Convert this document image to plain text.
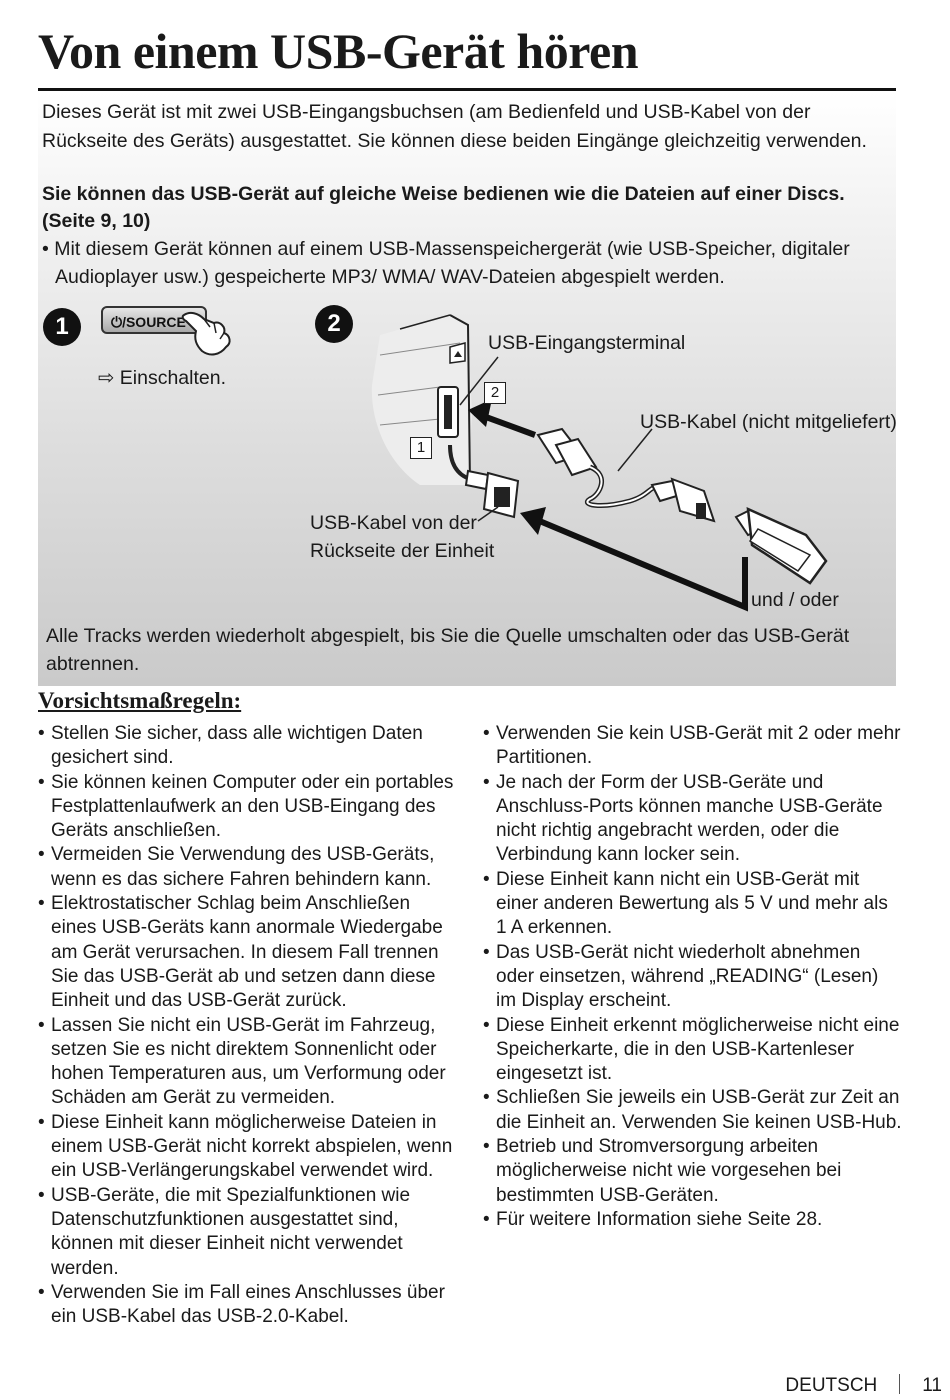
Von einem USB-Gerät hören

Dieses Gerät ist mit zwei USB-Eingangsbuchsen (am Bedienfeld und USB-Kabel von der Rückseite des Geräts) ausgestattet. Sie können diese beiden Eingänge gleichzeitig verwenden.

Sie können das USB-Gerät auf gleiche Weise bedienen wie die Dateien auf einer Discs. (Seite 9, 10)

• Mit diesem Gerät können auf einem USB-Massenspeichergerät (wie USB-Speicher, digitaler Audioplayer usw.) gespeicherte MP3/ WMA/ WAV-Dateien abgespielt werden.

1	⏻/SOURCE
⇨ Einschalten.
2
2
1
USB-Eingangsterminal
USB-Kabel (nicht mitgeliefert)
USB-Kabel von der
Rückseite der Einheit
und / oder

Alle Tracks werden wiederholt abgespielt, bis Sie die Quelle umschalten oder das USB-Gerät abtrennen.

Vorsichtsmaßregeln:
• Stellen Sie sicher, dass alle wichtigen Daten gesichert sind.
• Sie können keinen Computer oder ein portables Festplattenlaufwerk an den USB-Eingang des Geräts anschließen.
• Vermeiden Sie Verwendung des USB-Geräts, wenn es das sichere Fahren behindern kann.
• Elektrostatischer Schlag beim Anschließen eines USB-Geräts kann anormale Wiedergabe am Gerät verursachen. In diesem Fall trennen Sie das USB-Gerät ab und setzen dann diese Einheit und das USB-Gerät zurück.
• Lassen Sie nicht ein USB-Gerät im Fahrzeug, setzen Sie es nicht direktem Sonnenlicht oder hohen Temperaturen aus, um Verformung oder Schäden am Gerät zu vermeiden.
• Diese Einheit kann möglicherweise Dateien in einem USB-Gerät nicht korrekt abspielen, wenn ein USB-Verlängerungskabel verwendet wird.
• USB-Geräte, die mit Spezialfunktionen wie Datenschutzfunktionen ausgestattet sind, können mit dieser Einheit nicht verwendet werden.
• Verwenden Sie im Fall eines Anschlusses über ein USB-Kabel das USB-2.0-Kabel.
• Verwenden Sie kein USB-Gerät mit 2 oder mehr Partitionen.
• Je nach der Form der USB-Geräte und Anschluss-Ports können manche USB-Geräte nicht richtig angebracht werden, oder die Verbindung kann locker sein.
• Diese Einheit kann nicht ein USB-Gerät mit einer anderen Bewertung als 5 V und mehr als 1 A erkennen.
• Das USB-Gerät nicht wiederholt abnehmen oder einsetzen, während „READING“ (Lesen) im Display erscheint.
• Diese Einheit erkennt möglicherweise nicht eine Speicherkarte, die in den USB-Kartenleser eingesetzt ist.
• Schließen Sie jeweils ein USB-Gerät zur Zeit an die Einheit an. Verwenden Sie keinen USB-Hub.
• Betrieb und Stromversorgung arbeiten möglicherweise nicht wie vorgesehen bei bestimmten USB-Geräten.
• Für weitere Information siehe Seite 28.
DEUTSCH 11
